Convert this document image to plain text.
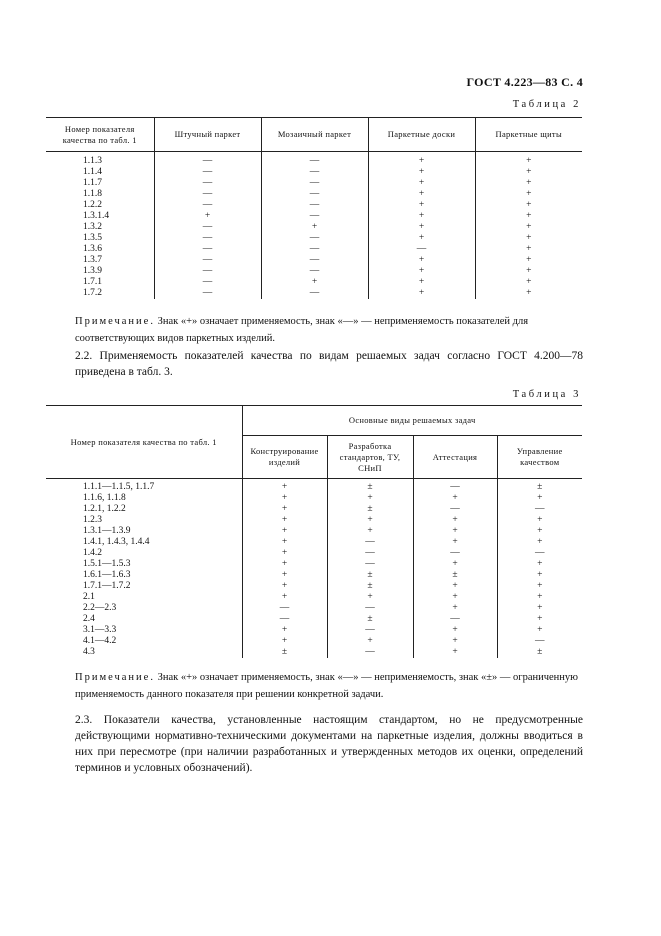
ГОСТ 4.223—83 С. 4
Таблица 2
Номер показателя качества по табл. 1	Штучный паркет	Мозаичный паркет	Паркетные доски	Паркетные щиты
1.1.3	—	—	+	+
1.1.4	—	—	+	+
1.1.7	—	—	+	+
1.1.8	—	—	+	+
1.2.2	—	—	+	+
1.3.1.4	+	—	+	+
1.3.2	—	+	+	+
1.3.5	—	—	+	+
1.3.6	—	—	—	+
1.3.7	—	—	+	+
1.3.9	—	—	+	+
1.7.1	—	+	+	+
1.7.2	—	—	+	+
Примечание. Знак «+» означает применяемость, знак «—» — неприменяемость показателей для соответствующих видов паркетных изделий.
2.2. Применяемость показателей качества по видам решаемых задач согласно ГОСТ 4.200—78 приведена в табл. 3.
Таблица 3
Номер показателя качества по табл. 1	Основные виды решаемых задач			
	Конструирование изделий	Разработка стандартов, ТУ, СНиП	Аттестация	Управление качеством
1.1.1—1.1.5, 1.1.7	+	±	—	±
1.1.6, 1.1.8	+	+	+	+
1.2.1, 1.2.2	+	±	—	—
1.2.3	+	+	+	+
1.3.1—1.3.9	+	+	+	+
1.4.1, 1.4.3, 1.4.4	+	—	+	+
1.4.2	+	—	—	—
1.5.1—1.5.3	+	—	+	+
1.6.1—1.6.3	+	±	±	+
1.7.1—1.7.2	+	±	+	+
2.1	+	+	+	+
2.2—2.3	—	—	+	+
2.4	—	±	—	+
3.1—3.3	+	—	+	+
4.1—4.2	+	+	+	—
4.3	±	—	+	±
Примечание. Знак «+» означает применяемость, знак «—» — неприменяемость, знак «±» — ограниченную применяемость данного показателя при решении конкретной задачи.
2.3. Показатели качества, установленные настоящим стандартом, но не предусмотренные действующими нормативно-техническими документами на паркетные изделия, должны вводиться в них при пересмотре (при наличии разработанных и утвержденных методов их оценки, определений терминов и условных обозначений).
